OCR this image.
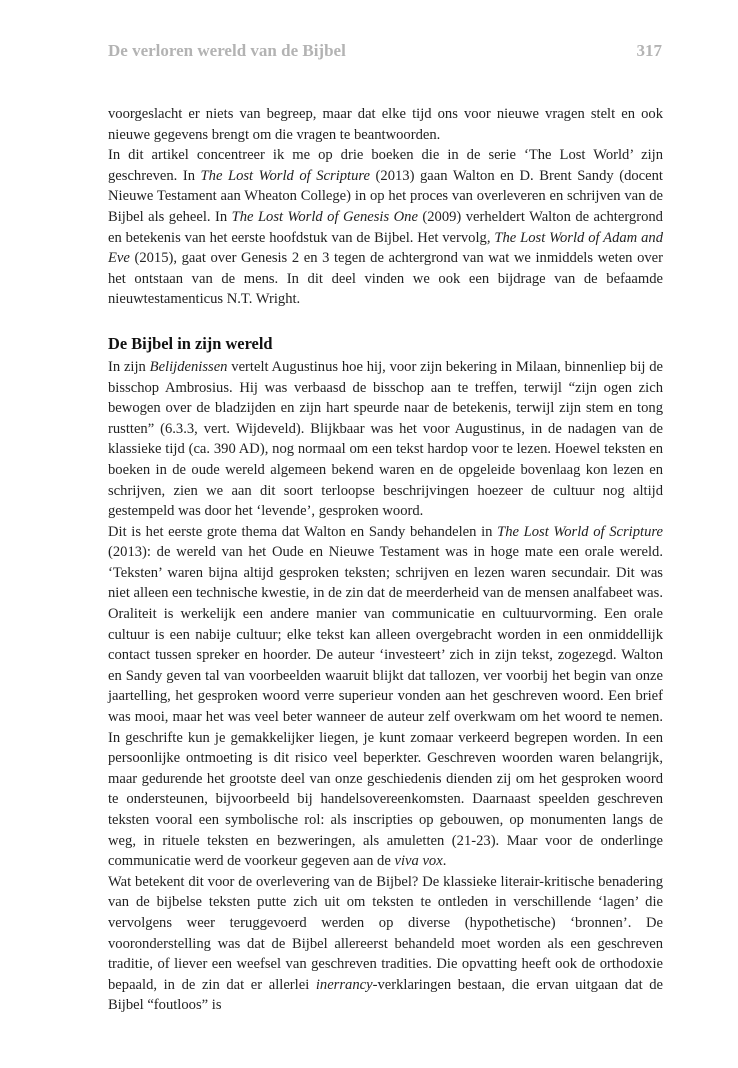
De verloren wereld van de Bijbel	317

voorgeslacht er niets van begreep, maar dat elke tijd ons voor nieuwe vragen stelt en ook nieuwe gegevens brengt om die vragen te beantwoorden.

In dit artikel concentreer ik me op drie boeken die in de serie ‘The Lost World’ zijn geschreven. In The Lost World of Scripture (2013) gaan Walton en D. Brent Sandy (docent Nieuwe Testament aan Wheaton College) in op het proces van overleveren en schrijven van de Bijbel als geheel. In The Lost World of Genesis One (2009) verheldert Walton de achtergrond en betekenis van het eerste hoofdstuk van de Bijbel. Het vervolg, The Lost World of Adam and Eve (2015), gaat over Genesis 2 en 3 tegen de achtergrond van wat we inmiddels weten over het ontstaan van de mens. In dit deel vinden we ook een bijdrage van de befaamde nieuwtestamenticus N.T. Wright.

De Bijbel in zijn wereld

In zijn Belijdenissen vertelt Augustinus hoe hij, voor zijn bekering in Milaan, binnenliep bij de bisschop Ambrosius. Hij was verbaasd de bisschop aan te treffen, terwijl “zijn ogen zich bewogen over de bladzijden en zijn hart speurde naar de betekenis, terwijl zijn stem en tong rustten” (6.3.3, vert. Wijdeveld). Blijkbaar was het voor Augustinus, in de nadagen van de klassieke tijd (ca. 390 AD), nog normaal om een tekst hardop voor te lezen. Hoewel teksten en boeken in de oude wereld algemeen bekend waren en de opgeleide bovenlaag kon lezen en schrijven, zien we aan dit soort terloopse beschrijvingen hoezeer de cultuur nog altijd gestempeld was door het ‘levende’, gesproken woord.

Dit is het eerste grote thema dat Walton en Sandy behandelen in The Lost World of Scripture (2013): de wereld van het Oude en Nieuwe Testament was in hoge mate een orale wereld. ‘Teksten’ waren bijna altijd gesproken teksten; schrijven en lezen waren secundair. Dit was niet alleen een technische kwestie, in de zin dat de meerderheid van de mensen analfabeet was. Oraliteit is werkelijk een andere manier van communicatie en cultuurvorming. Een orale cultuur is een nabije cultuur; elke tekst kan alleen overgebracht worden in een onmiddellijk contact tussen spreker en hoorder. De auteur ‘investeert’ zich in zijn tekst, zogezegd. Walton en Sandy geven tal van voorbeelden waaruit blijkt dat tallozen, ver voorbij het begin van onze jaartelling, het gesproken woord verre superieur vonden aan het geschreven woord. Een brief was mooi, maar het was veel beter wanneer de auteur zelf overkwam om het woord te nemen. In geschrifte kun je gemakkelijker liegen, je kunt zomaar verkeerd begrepen worden. In een persoonlijke ontmoeting is dit risico veel beperkter. Geschreven woorden waren belangrijk, maar gedurende het grootste deel van onze geschiedenis dienden zij om het gesproken woord te ondersteunen, bijvoorbeeld bij handelsovereenkomsten. Daarnaast speelden geschreven teksten vooral een symbolische rol: als inscripties op gebouwen, op monumenten langs de weg, in rituele teksten en bezweringen, als amuletten (21-23). Maar voor de onderlinge communicatie werd de voorkeur gegeven aan de viva vox.

Wat betekent dit voor de overlevering van de Bijbel? De klassieke literair-kritische benadering van de bijbelse teksten putte zich uit om teksten te ontleden in verschillende ‘lagen’ die vervolgens weer teruggevoerd werden op diverse (hypothetische) ‘bronnen’. De vooronderstelling was dat de Bijbel allereerst behandeld moet worden als een geschreven traditie, of liever een weefsel van geschreven tradities. Die opvatting heeft ook de orthodoxie bepaald, in de zin dat er allerlei inerrancy-verklaringen bestaan, die ervan uitgaan dat de Bijbel “foutloos” is
